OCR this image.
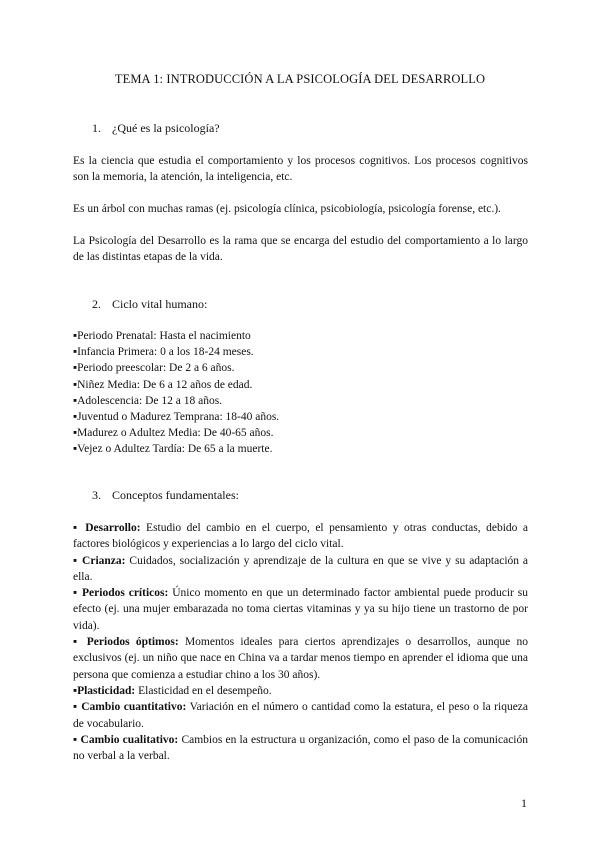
TEMA 1: INTRODUCCIÓN A LA PSICOLOGÍA DEL DESARROLLO
1. ¿Qué es la psicología?

Es la ciencia que estudia el comportamiento y los procesos cognitivos. Los procesos cognitivos son la memoria, la atención, la inteligencia, etc.

Es un árbol con muchas ramas (ej. psicología clínica, psicobiología, psicología forense, etc.).

La Psicología del Desarrollo es la rama que se encarga del estudio del comportamiento a lo largo de las distintas etapas de la vida.

2. Ciclo vital humano:
▪Periodo Prenatal: Hasta el nacimiento
▪Infancia Primera: 0 a los 18-24 meses.
▪Periodo preescolar: De 2 a 6 años.
▪Niñez Media: De 6 a 12 años de edad.
▪Adolescencia: De 12 a 18 años.
▪Juventud o Madurez Temprana: 18-40 años.
▪Madurez o Adultez Media: De 40-65 años.
▪Vejez o Adultez Tardía: De 65 a la muerte.
3. Conceptos fundamentales:
▪ Desarrollo: Estudio del cambio en el cuerpo, el pensamiento y otras conductas, debido a factores biológicos y experiencias a lo largo del ciclo vital.
▪ Crianza: Cuidados, socialización y aprendizaje de la cultura en que se vive y su adaptación a ella.
▪ Periodos críticos: Único momento en que un determinado factor ambiental puede producir su efecto (ej. una mujer embarazada no toma ciertas vitaminas y ya su hijo tiene un trastorno de por vida).
▪ Periodos óptimos: Momentos ideales para ciertos aprendizajes o desarrollos, aunque no exclusivos (ej. un niño que nace en China va a tardar menos tiempo en aprender el idioma que una persona que comienza a estudiar chino a los 30 años).
▪Plasticidad: Elasticidad en el desempeño.
▪ Cambio cuantitativo: Variación en el número o cantidad como la estatura, el peso o la riqueza de vocabulario.
▪ Cambio cualitativo: Cambios en la estructura u organización, como el paso de la comunicación no verbal a la verbal.

1
